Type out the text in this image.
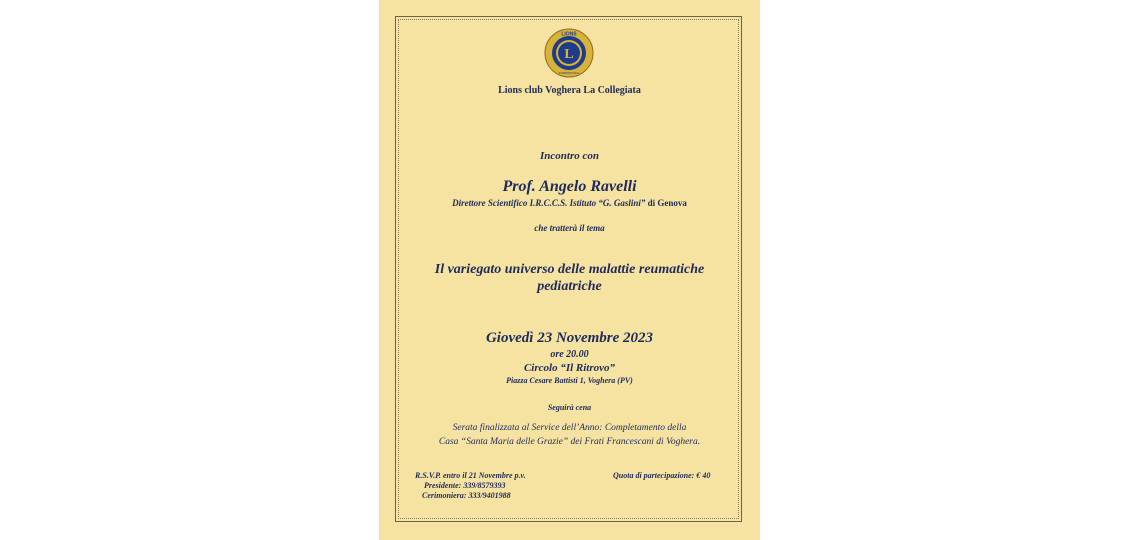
L
LIONS
INTERNATIONAL
Lions club Voghera La Collegiata
Incontro con
Prof. Angelo Ravelli
Direttore Scientifico I.R.C.C.S. Istituto “G. Gaslini” di Genova
che tratterà il tema
Il variegato universo delle malattie reumatiche
pediatriche
Giovedì 23 Novembre 2023
ore 20.00
Circolo “Il Ritrovo”
Piazza Cesare Battisti 1, Voghera (PV)
Seguirà cena
Serata finalizzata al Service dell’Anno: Completamento della
Casa “Santa Maria delle Grazie” dei Frati Francescani di Voghera.
R.S.V.P. entro il 21 Novembre p.v.
Presidente: 339/8579393
Cerimoniera: 333/9401988
Quota di partecipazione: € 40
